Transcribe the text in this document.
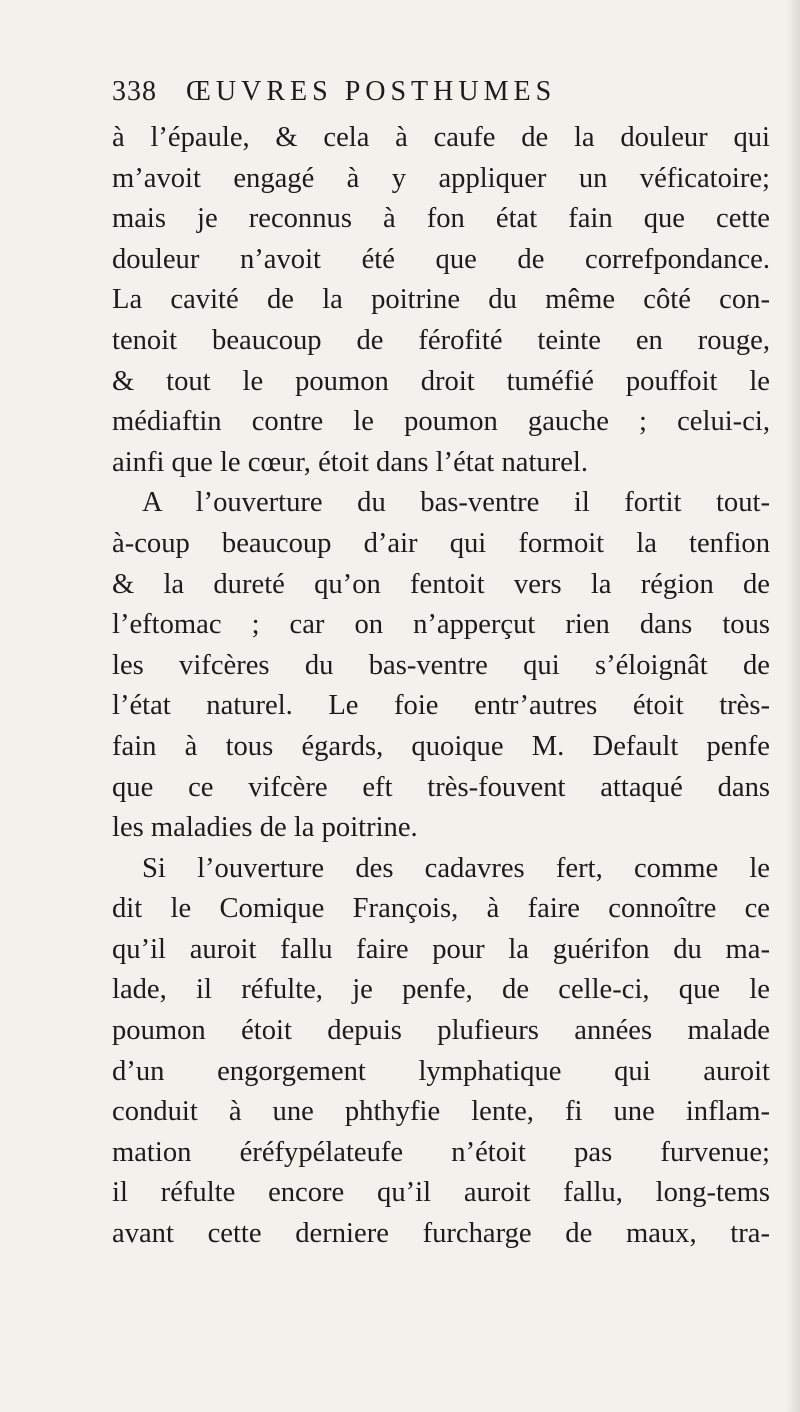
338 ŒUVRES POSTHUMES
à l’épaule, & cela à caufe de la douleur qui
m’avoit engagé à y appliquer un véficatoire;
mais je reconnus à fon état fain que cette
douleur n’avoit été que de correfpondance.
La cavité de la poitrine du même côté con-
tenoit beaucoup de férofité teinte en rouge,
& tout le poumon droit tuméfié pouffoit le
médiaftin contre le poumon gauche ; celui-ci,
ainfi que le cœur, étoit dans l’état naturel.
A l’ouverture du bas-ventre il fortit tout-
à-coup beaucoup d’air qui formoit la tenfion
& la dureté qu’on fentoit vers la région de
l’eftomac ; car on n’apperçut rien dans tous
les vifcères du bas-ventre qui s’éloignât de
l’état naturel. Le foie entr’autres étoit très-
fain à tous égards, quoique M. Default penfe
que ce vifcère eft très-fouvent attaqué dans
les maladies de la poitrine.
Si l’ouverture des cadavres fert, comme le
dit le Comique François, à faire connoître ce
qu’il auroit fallu faire pour la guérifon du ma-
lade, il réfulte, je penfe, de celle-ci, que le
poumon étoit depuis plufieurs années malade
d’un engorgement lymphatique qui auroit
conduit à une phthyfie lente, fi une inflam-
mation éréfypélateufe n’étoit pas furvenue;
il réfulte encore qu’il auroit fallu, long-tems
avant cette derniere furcharge de maux, tra-
